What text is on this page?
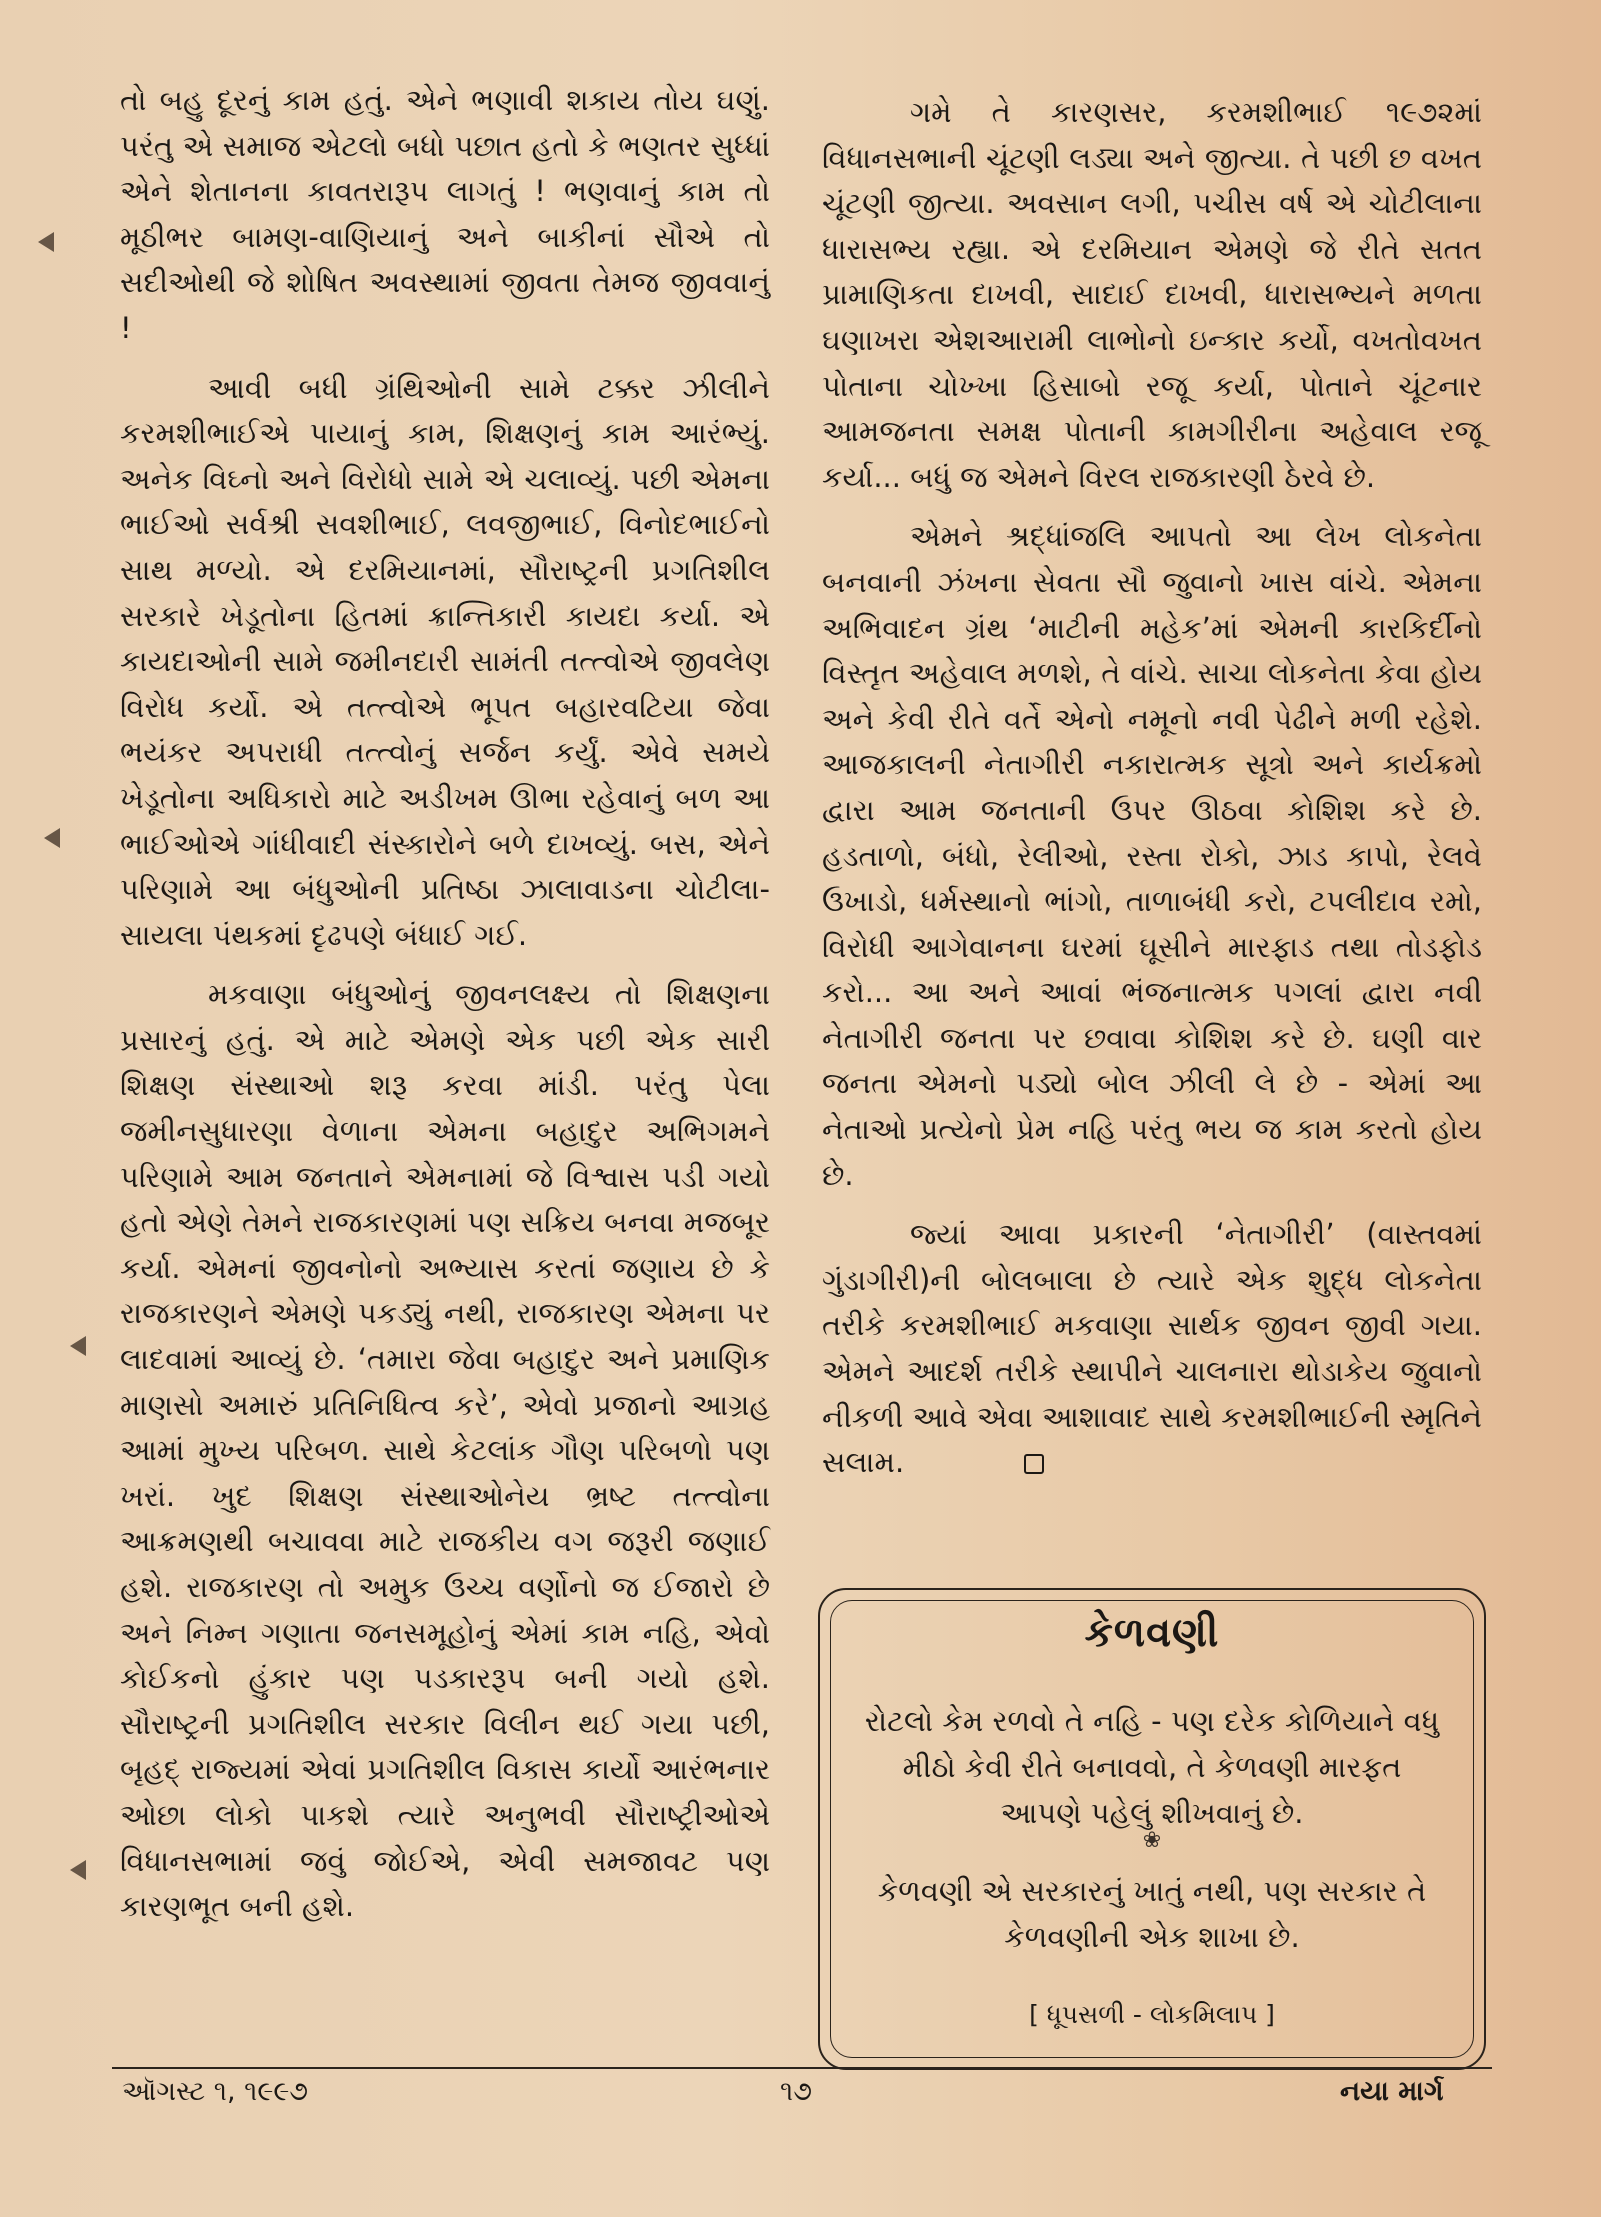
તો બહુ દૂરનું કામ હતું. એને ભણાવી શકાય તોય ઘણું. પરંતુ એ સમાજ એટલો બધો પછાત હતો કે ભણતર સુધ્ધાં એને શેતાનના કાવતરારૂપ લાગતું ! ભણવાનું કામ તો મૂઠીભર બામણ-વાણિયાનું અને બાકીનાં સૌએ તો સદીઓથી જે શોષિત અવસ્થામાં જીવતા તેમજ જીવવાનું !

આવી બધી ગ્રંથિઓની સામે ટક્કર ઝીલીને કરમશીભાઈએ પાયાનું કામ, શિક્ષણનું કામ આરંભ્યું. અનેક વિઘ્નો અને વિરોધો સામે એ ચલાવ્યું. પછી એમના ભાઈઓ સર્વશ્રી સવશીભાઈ, લવજીભાઈ, વિનોદભાઈનો સાથ મળ્યો. એ દરમિયાનમાં, સૌરાષ્ટ્રની પ્રગતિશીલ સરકારે ખેડૂતોના હિતમાં ક્રાન્તિકારી કાયદા કર્યા. એ કાયદાઓની સામે જમીનદારી સામંતી તત્ત્વોએ જીવલેણ વિરોધ કર્યો. એ તત્ત્વોએ ભૂપત બહારવટિયા જેવા ભયંકર અપરાધી તત્ત્વોનું સર્જન કર્યું. એવે સમયે ખેડૂતોના અધિકારો માટે અડીખમ ઊભા રહેવાનું બળ આ ભાઈઓએ ગાંધીવાદી સંસ્કારોને બળે દાખવ્યું. બસ, એને પરિણામે આ બંધુઓની પ્રતિષ્ઠા ઝાલાવાડના ચોટીલા-સાયલા પંથકમાં દૃઢપણે બંધાઈ ગઈ.

મકવાણા બંધુઓનું જીવનલક્ષ્ય તો શિક્ષણના પ્રસારનું હતું. એ માટે એમણે એક પછી એક સારી શિક્ષણ સંસ્થાઓ શરૂ કરવા માંડી. પરંતુ પેલા જમીનસુધારણા વેળાના એમના બહાદુર અભિગમને પરિણામે આમ જનતાને એમનામાં જે વિશ્વાસ પડી ગયો હતો એણે તેમને રાજકારણમાં પણ સક્રિય બનવા મજબૂર કર્યા. એમનાં જીવનોનો અભ્યાસ કરતાં જણાય છે કે રાજકારણને એમણે પકડ્યું નથી, રાજકારણ એમના પર લાદવામાં આવ્યું છે. ‘તમારા જેવા બહાદુર અને પ્રમાણિક માણસો અમારું પ્રતિનિધિત્વ કરે’, એવો પ્રજાનો આગ્રહ આમાં મુખ્ય પરિબળ. સાથે કેટલાંક ગૌણ પરિબળો પણ ખરાં. ખુદ શિક્ષણ સંસ્થાઓનેય ભ્રષ્ટ તત્ત્વોના આક્રમણથી બચાવવા માટે રાજકીય વગ જરૂરી જણાઈ હશે. રાજકારણ તો અમુક ઉચ્ચ વર્ણોનો જ ઈજારો છે અને નિમ્ન ગણાતા જનસમૂહોનું એમાં કામ નહિ, એવો કોઈકનો હુંકાર પણ પડકારરૂપ બની ગયો હશે. સૌરાષ્ટ્રની પ્રગતિશીલ સરકાર વિલીન થઈ ગયા પછી, બૃહદ્ રાજ્યમાં એવાં પ્રગતિશીલ વિકાસ કાર્યો આરંભનાર ઓછા લોકો પાકશે ત્યારે અનુભવી સૌરાષ્ટ્રીઓએ વિધાનસભામાં જવું જોઈએ, એવી સમજાવટ પણ કારણભૂત બની હશે.

ગમે તે કારણસર, કરમશીભાઈ ૧૯૭૨માં વિધાનસભાની ચૂંટણી લડ્યા અને જીત્યા. તે પછી છ વખત ચૂંટણી જીત્યા. અવસાન લગી, પચીસ વર્ષ એ ચોટીલાના ધારાસભ્ય રહ્યા. એ દરમિયાન એમણે જે રીતે સતત પ્રામાણિકતા દાખવી, સાદાઈ દાખવી, ધારાસભ્યને મળતા ઘણાખરા એશઆરામી લાભોનો ઇન્કાર કર્યો, વખતોવખત પોતાના ચોખ્ખા હિસાબો રજૂ કર્યા, પોતાને ચૂંટનાર આમજનતા સમક્ષ પોતાની કામગીરીના અહેવાલ રજૂ કર્યા... બધું જ એમને વિરલ રાજકારણી ઠેરવે છે.

એમને શ્રદ્ધાંજલિ આપતો આ લેખ લોકનેતા બનવાની ઝંખના સેવતા સૌ જુવાનો ખાસ વાંચે. એમના અભિવાદન ગ્રંથ ‘માટીની મહેક’માં એમની કારકિર્દીનો વિસ્તૃત અહેવાલ મળશે, તે વાંચે. સાચા લોકનેતા કેવા હોય અને કેવી રીતે વર્તે એનો નમૂનો નવી પેઢીને મળી રહેશે. આજકાલની નેતાગીરી નકારાત્મક સૂત્રો અને કાર્યક્રમો દ્વારા આમ જનતાની ઉપર ઊઠવા કોશિશ કરે છે. હડતાળો, બંધો, રેલીઓ, રસ્તા રોકો, ઝાડ કાપો, રેલવે ઉખાડો, ધર્મસ્થાનો ભાંગો, તાળાબંધી કરો, ટપલીદાવ રમો, વિરોધી આગેવાનના ઘરમાં ઘૂસીને મારફાડ તથા તોડફોડ કરો... આ અને આવાં ભંજનાત્મક પગલાં દ્વારા નવી નેતાગીરી જનતા પર છવાવા કોશિશ કરે છે. ઘણી વાર જનતા એમનો પડ્યો બોલ ઝીલી લે છે - એમાં આ નેતાઓ પ્રત્યેનો પ્રેમ નહિ પરંતુ ભય જ કામ કરતો હોય છે.

જ્યાં આવા પ્રકારની ‘નેતાગીરી’ (વાસ્તવમાં ગુંડાગીરી)ની બોલબાલા છે ત્યારે એક શુદ્ધ લોકનેતા તરીકે કરમશીભાઈ મકવાણા સાર્થક જીવન જીવી ગયા. એમને આદર્શ તરીકે સ્થાપીને ચાલનારા થોડાકેય જુવાનો નીકળી આવે એવા આશાવાદ સાથે કરમશીભાઈની સ્મૃતિને સલામ.

કેળવણી
રોટલો કેમ રળવો તે નહિ - પણ દરેક કોળિયાને વધુ મીઠો કેવી રીતે બનાવવો, તે કેળવણી મારફત આપણે પહેલું શીખવાનું છે.
❀
કેળવણી એ સરકારનું ખાતું નથી, પણ સરકાર તે કેળવણીની એક શાખા છે.
[ ધૂપસળી - લોકમિલાપ ]
ઑગસ્ટ ૧, ૧૯૯૭	૧૭	નયા માર્ગ
